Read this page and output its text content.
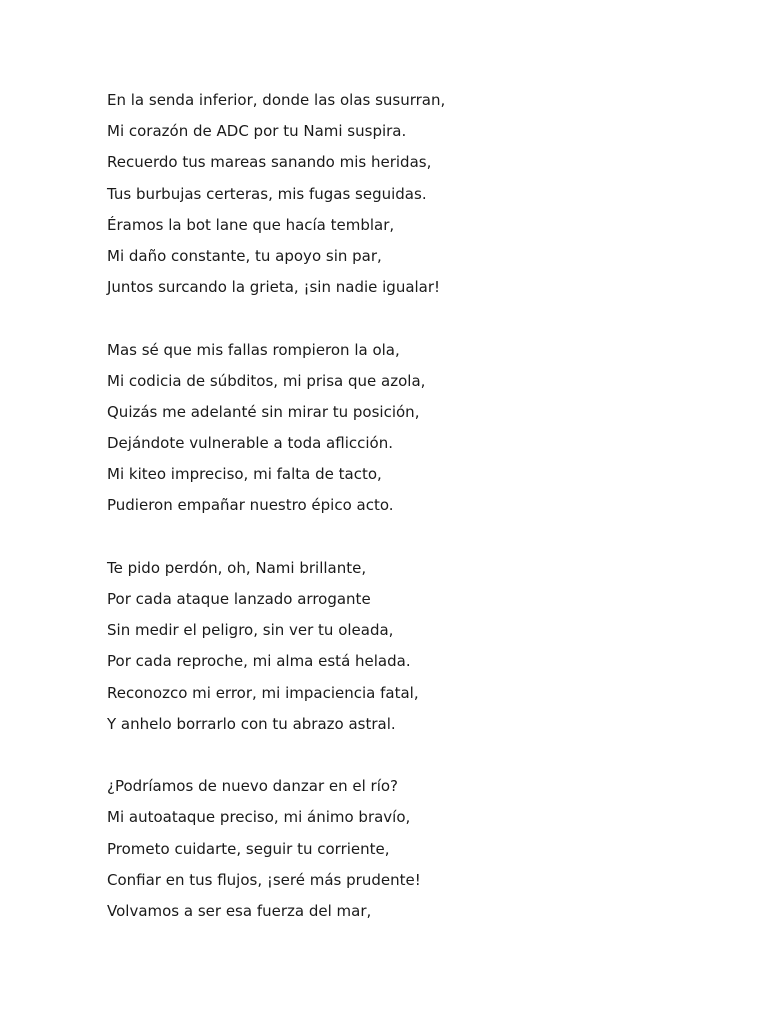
En la senda inferior, donde las olas susurran,
Mi corazón de ADC por tu Nami suspira.
Recuerdo tus mareas sanando mis heridas,
Tus burbujas certeras, mis fugas seguidas.
Éramos la bot lane que hacía temblar,
Mi daño constante, tu apoyo sin par,
Juntos surcando la grieta, ¡sin nadie igualar!
Mas sé que mis fallas rompieron la ola,
Mi codicia de súbditos, mi prisa que azola,
Quizás me adelanté sin mirar tu posición,
Dejándote vulnerable a toda aflicción.
Mi kiteo impreciso, mi falta de tacto,
Pudieron empañar nuestro épico acto.
Te pido perdón, oh, Nami brillante,
Por cada ataque lanzado arrogante
Sin medir el peligro, sin ver tu oleada,
Por cada reproche, mi alma está helada.
Reconozco mi error, mi impaciencia fatal,
Y anhelo borrarlo con tu abrazo astral.
¿Podríamos de nuevo danzar en el río?
Mi autoataque preciso, mi ánimo bravío,
Prometo cuidarte, seguir tu corriente,
Confiar en tus flujos, ¡seré más prudente!
Volvamos a ser esa fuerza del mar,
